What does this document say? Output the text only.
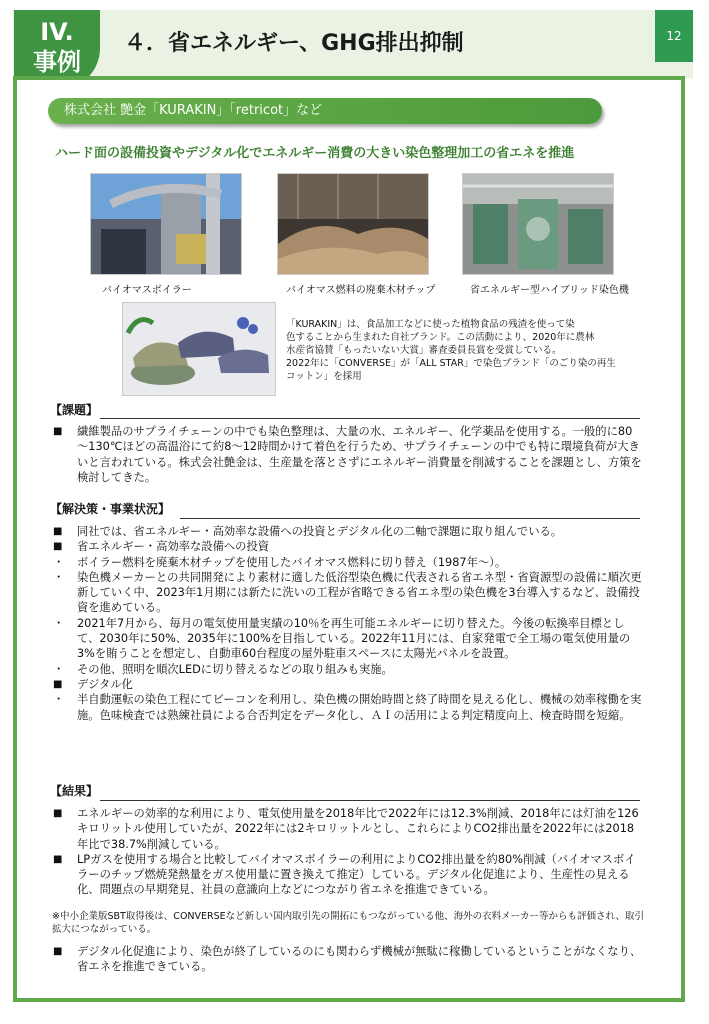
IV.
事例
４．省エネルギー、GHG排出抑制	12
株式会社 艶金「KURAKIN」「retricot」など
ハード面の設備投資やデジタル化でエネルギー消費の大きい染色整理加工の省エネを推進
バイオマスボイラー	バイオマス燃料の廃棄木材チップ	省エネルギー型ハイブリッド染色機
「KURAKIN」は、食品加工などに使った植物食品の残渣を使って染
色することから生まれた自社ブランド。この活動により、2020年に農林
水産省協賛「もったいない大賞」審査委員長賞を受賞している。
2022年に「CONVERSE」が「ALL STAR」で染色ブランド「のごり染の再生
コットン」を採用
【課題】
■	繊維製品のサプライチェーンの中でも染色整理は、大量の水、エネルギー、化学薬品を使用する。一般的に80～130℃ほどの高温浴にて約8～12時間かけて着色を行うため、サプライチェーンの中でも特に環境負荷が大きいと言われている。株式会社艶金は、生産量を落とさずにエネルギー消費量を削減することを課題とし、方策を検討してきた。
【解決策・事業状況】
■	同社では、省エネルギー・高効率な設備への投資とデジタル化の二軸で課題に取り組んでいる。
■	省エネルギー・高効率な設備への投資
・	ボイラー燃料を廃棄木材チップを使用したバイオマス燃料に切り替え（1987年～）。
・	染色機メーカーとの共同開発により素材に適した低浴型染色機に代表される省エネ型・省資源型の設備に順次更新していく中、2023年1月期には新たに洗いの工程が省略できる省エネ型の染色機を3台導入するなど、設備投資を進めている。
・	2021年7月から、毎月の電気使用量実績の10％を再生可能エネルギーに切り替えた。今後の転換率目標として、2030年に50%、2035年に100%を目指している。2022年11月には、自家発電で全工場の電気使用量の3%を賄うことを想定し、自動車60台程度の屋外駐車スペースに太陽光パネルを設置。
・	その他、照明を順次LEDに切り替えるなどの取り組みも実施。
■	デジタル化
・	半自動運転の染色工程にてビーコンを利用し、染色機の開始時間と終了時間を見える化し、機械の効率稼働を実施。色味検査では熟練社員による合否判定をデータ化し、ＡＩの活用による判定精度向上、検査時間を短縮。
【結果】
■	エネルギーの効率的な利用により、電気使用量を2018年比で2022年には12.3%削減、2018年には灯油を126キロリットル使用していたが、2022年には2キロリットルとし、これらによりCO2排出量を2022年には2018年比で38.7%削減している。
■	LPガスを使用する場合と比較してバイオマスボイラーの利用によりCO2排出量を約80%削減（バイオマスボイラーのチップ燃焼発熱量をガス使用量に置き換えて推定）している。デジタル化促進により、生産性の見える化、問題点の早期発見、社員の意識向上などにつながり省エネを推進できている。
※中小企業版SBT取得後は、CONVERSEなど新しい国内取引先の開拓にもつながっている他、海外の衣料メーカー等からも評価され、取引拡大につながっている。
■	デジタル化促進により、染色が終了しているのにも関わらず機械が無駄に稼働しているということがなくなり、省エネを推進できている。
